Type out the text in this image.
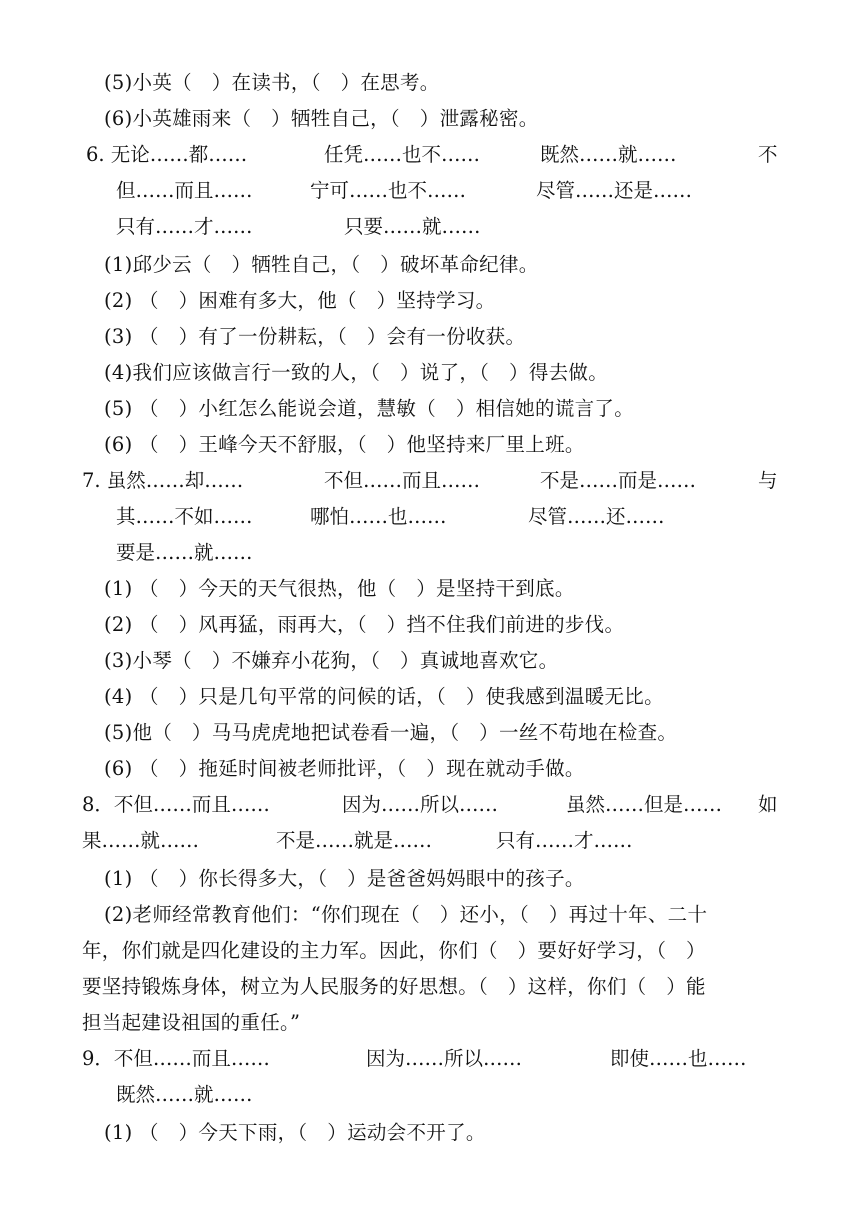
(5)小英（　）在读书，（　）在思考。
(6)小英雄雨来（　）牺牲自己，（　）泄露秘密。
6. 无论……都……	任凭……也不……	既然……就……	不
但……而且……	宁可……也不……	尽管……还是……
只有……才……	只要……就……
(1)邱少云（　）牺牲自己，（　）破坏革命纪律。
(2) （　）困难有多大，他（　）坚持学习。
(3) （　）有了一份耕耘，（　）会有一份收获。
(4)我们应该做言行一致的人，（　）说了，（　）得去做。
(5) （　）小红怎么能说会道，慧敏（　）相信她的谎言了。
(6) （　）王峰今天不舒服，（　）他坚持来厂里上班。
7. 虽然……却……	不但……而且……	不是……而是……	与
其……不如……	哪怕……也……	尽管……还……
要是……就……
(1) （　）今天的天气很热，他（　）是坚持干到底。
(2) （　）风再猛，雨再大，（　）挡不住我们前进的步伐。
(3)小琴（　）不嫌弃小花狗，（　）真诚地喜欢它。
(4) （　）只是几句平常的问候的话，（　）使我感到温暖无比。
(5)他（　）马马虎虎地把试卷看一遍，（　）一丝不苟地在检查。
(6) （　）拖延时间被老师批评，（　）现在就动手做。
8．不但……而且……	因为……所以……	虽然……但是…… 如
果……就……	不是……就是……	只有……才……
(1) （　）你长得多大，（　）是爸爸妈妈眼中的孩子。
(2)老师经常教育他们：“你们现在（　）还小，（　）再过十年、二十
年，你们就是四化建设的主力军。因此，你们（　）要好好学习，（　）
要坚持锻炼身体，树立为人民服务的好思想。（　）这样，你们（　）能
担当起建设祖国的重任。”
9．不但……而且……	因为……所以……	即使……也……
既然……就……
(1) （　）今天下雨，（　）运动会不开了。
